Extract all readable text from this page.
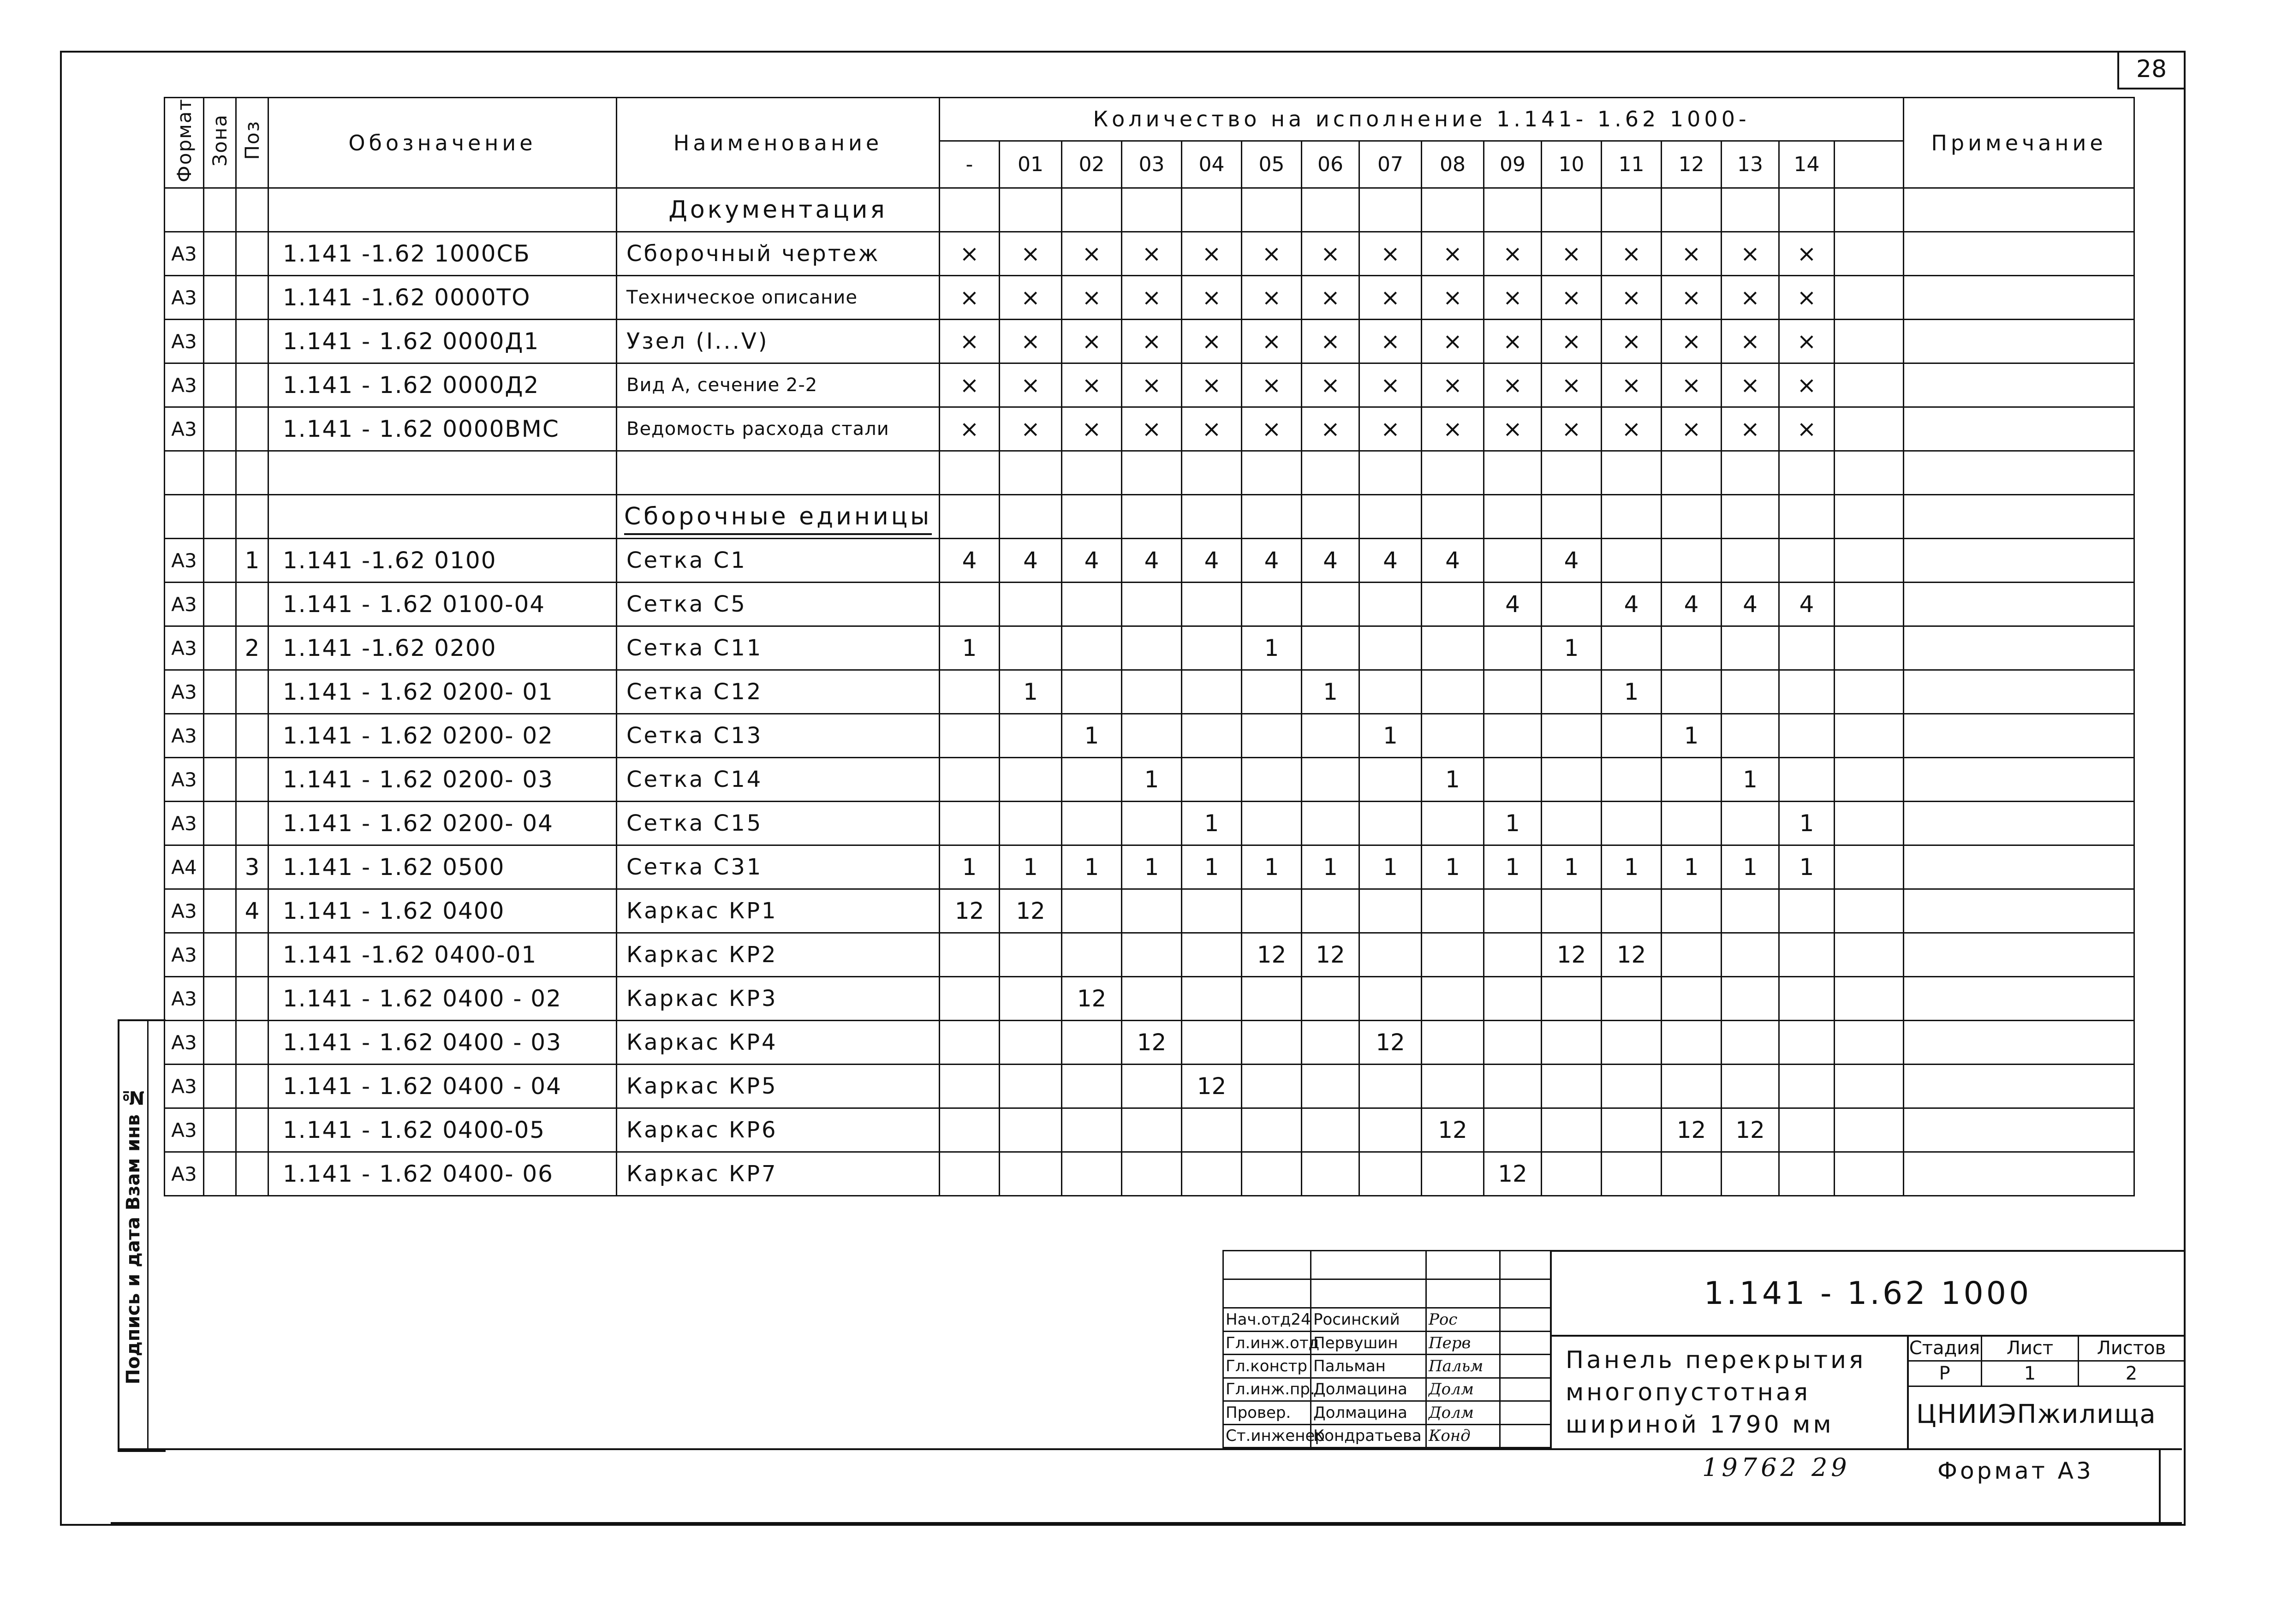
28
Формат	Зона	Поз	Обозначение	Наименование	Количество на исполнение 1.141- 1.62 1000-																Примечание
					-	01	02	03	04	05	06	07	08	09	10	11	12	13	14		
				Документация																	
А3			1.141 -1.62 1000СБ	Сборочный чертеж	×	×	×	×	×	×	×	×	×	×	×	×	×	×	×		
А3			1.141 -1.62 0000ТО	Техническое описание	×	×	×	×	×	×	×	×	×	×	×	×	×	×	×		
А3			1.141 - 1.62 0000Д1	Узел (I...V)	×	×	×	×	×	×	×	×	×	×	×	×	×	×	×		
А3			1.141 - 1.62 0000Д2	Вид А, сечение 2-2	×	×	×	×	×	×	×	×	×	×	×	×	×	×	×		
А3			1.141 - 1.62 0000ВМС	Ведомость расхода стали	×	×	×	×	×	×	×	×	×	×	×	×	×	×	×		

				Сборочные единицы																	
А3		1	1.141 -1.62 0100	Сетка С1	4	4	4	4	4	4	4	4	4		4						
А3			1.141 - 1.62 0100-04	Сетка С5										4		4	4	4	4		
А3		2	1.141 -1.62 0200	Сетка С11	1					1					1						
А3			1.141 - 1.62 0200- 01	Сетка С12		1					1					1					
А3			1.141 - 1.62 0200- 02	Сетка С13			1					1					1				
А3			1.141 - 1.62 0200- 03	Сетка С14				1					1					1			
А3			1.141 - 1.62 0200- 04	Сетка С15					1					1					1		
А4		3	1.141 - 1.62 0500	Сетка С31	1	1	1	1	1	1	1	1	1	1	1	1	1	1	1		
А3		4	1.141 - 1.62 0400	Каркас КР1	12	12															
А3			1.141 -1.62 0400-01	Каркас КР2						12	12				12	12					
А3			1.141 - 1.62 0400 - 02	Каркас КР3			12														
А3			1.141 - 1.62 0400 - 03	Каркас КР4				12				12									
А3			1.141 - 1.62 0400 - 04	Каркас КР5					12												
А3			1.141 - 1.62 0400-05	Каркас КР6									12				12	12			
А3			1.141 - 1.62 0400- 06	Каркас КР7										12							
Подпись и дата Взам инв №

				Нач.отд24	Росинский	Рос	
Гл.инж.отд	Первушин	Перв	
Гл.констр	Пальман	Пальм	
Гл.инж.пр.	Долмацина	Долм	
Провер.	Долмацина	Долм	
Ст.инженер	Кондратьева	Конд	
1.141 - 1.62 1000
Панель перекрытия
многопустотная
шириной 1790 мм
Стадия	Лист	Листов
Р	1	2
ЦНИИЭПжилища
19762 29	Формат А3
